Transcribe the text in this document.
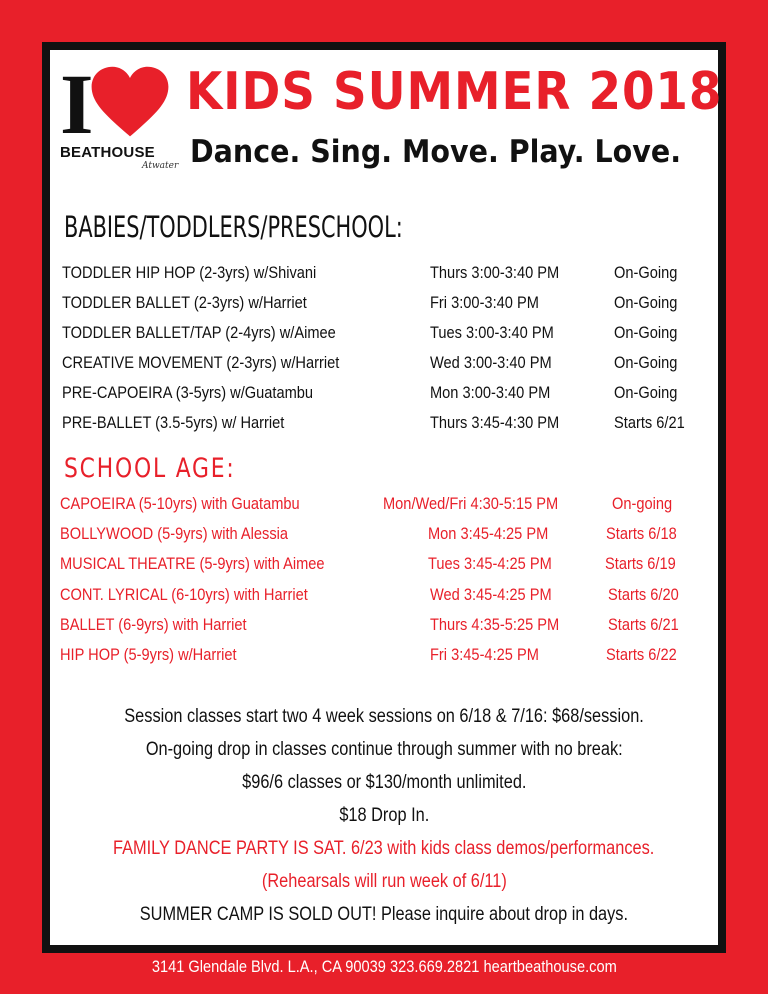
I
BEATHOUSE
Atwater
KIDS SUMMER 2018
Dance. Sing. Move. Play. Love.
BABIES/TODDLERS/PRESCHOOL:
TODDLER HIP HOP (2-3yrs) w/Shivani	Thurs 3:00-3:40 PM	On-Going
TODDLER BALLET (2-3yrs) w/Harriet	Fri 3:00-3:40 PM	On-Going
TODDLER BALLET/TAP (2-4yrs) w/Aimee	Tues 3:00-3:40 PM	On-Going
CREATIVE MOVEMENT (2-3yrs) w/Harriet	Wed 3:00-3:40 PM	On-Going
PRE-CAPOEIRA (3-5yrs) w/Guatambu	Mon 3:00-3:40 PM	On-Going
PRE-BALLET (3.5-5yrs) w/ Harriet	Thurs 3:45-4:30 PM	Starts 6/21
SCHOOL AGE:
CAPOEIRA (5-10yrs) with Guatambu	Mon/Wed/Fri 4:30-5:15 PM	On-going
BOLLYWOOD (5-9yrs) with Alessia	Mon 3:45-4:25 PM	Starts 6/18
MUSICAL THEATRE (5-9yrs) with Aimee	Tues 3:45-4:25 PM	Starts 6/19
CONT. LYRICAL (6-10yrs) with Harriet	Wed 3:45-4:25 PM	Starts 6/20
BALLET (6-9yrs) with Harriet	Thurs 4:35-5:25 PM	Starts 6/21
HIP HOP (5-9yrs) w/Harriet	Fri 3:45-4:25 PM	Starts 6/22
Session classes start two 4 week sessions on 6/18 & 7/16: $68/session.
On-going drop in classes continue through summer with no break:
$96/6 classes or $130/month unlimited.
$18 Drop In.
FAMILY DANCE PARTY IS SAT. 6/23 with kids class demos/performances.
(Rehearsals will run week of 6/11)
SUMMER CAMP IS SOLD OUT! Please inquire about drop in days.
3141 Glendale Blvd. L.A., CA 90039 323.669.2821 heartbeathouse.com
